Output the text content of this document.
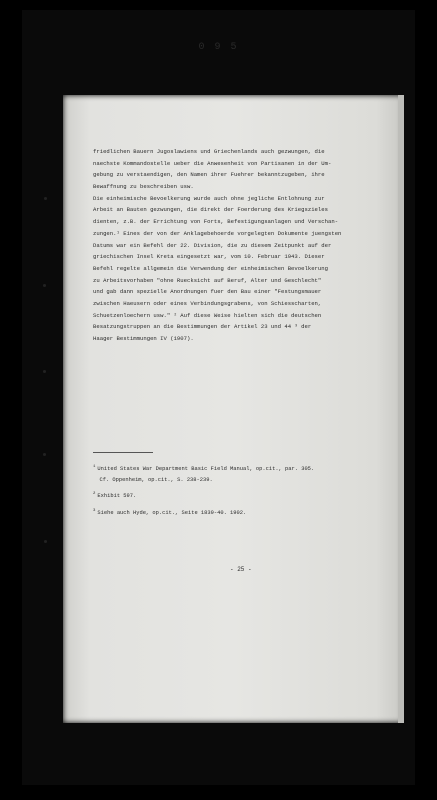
0 9 5
friedlichen Bauern Jugoslawiens und Griechenlands auch gezwungen, die
naechste Kommandostelle ueber die Anwesenheit von Partisanen in der Um-
gebung zu verstaendigen, den Namen ihrer Fuehrer bekanntzugeben, ihre
Bewaffnung zu beschreiben usw.
Die einheimische Bevoelkerung wurde auch ohne jegliche Entlohnung zur
Arbeit an Bauten gezwungen, die direkt der Foerderung des Kriegszieles
dienten, z.B. der Errichtung von Forts, Befestigungsanlagen und Verschan-
zungen.¹ Eines der von der Anklagebehoerde vorgelegten Dokumente juengsten
Datums war ein Befehl der 22. Division, die zu diesem Zeitpunkt auf der
griechischen Insel Kreta eingesetzt war, vom 10. Februar 1943. Dieser
Befehl regelte allgemein die Verwendung der einheimischen Bevoelkerung
zu Arbeitsvorhaben "ohne Ruecksicht auf Beruf, Alter und Geschlecht"
und gab dann spezielle Anordnungen fuer den Bau einer "Festungsmauer
zwischen Haeusern oder eines Verbindungsgrabens, von Schiesscharten,
Schuetzenloechern usw." ² Auf diese Weise hielten sich die deutschen
Besatzungstruppen an die Bestimmungen der Artikel 23 und 44 ³ der
Haager Bestimmungen IV (1907).
$^1$ United States War Department Basic Field Manual, op.cit., par. 305.
Cf. Oppenheim, op.cit., S. 238-239.
$^2$ Exhibit 597.
$^3$ Siehe auch Hyde, op.cit., Seite 1839-40. 1902.
- 25 -
